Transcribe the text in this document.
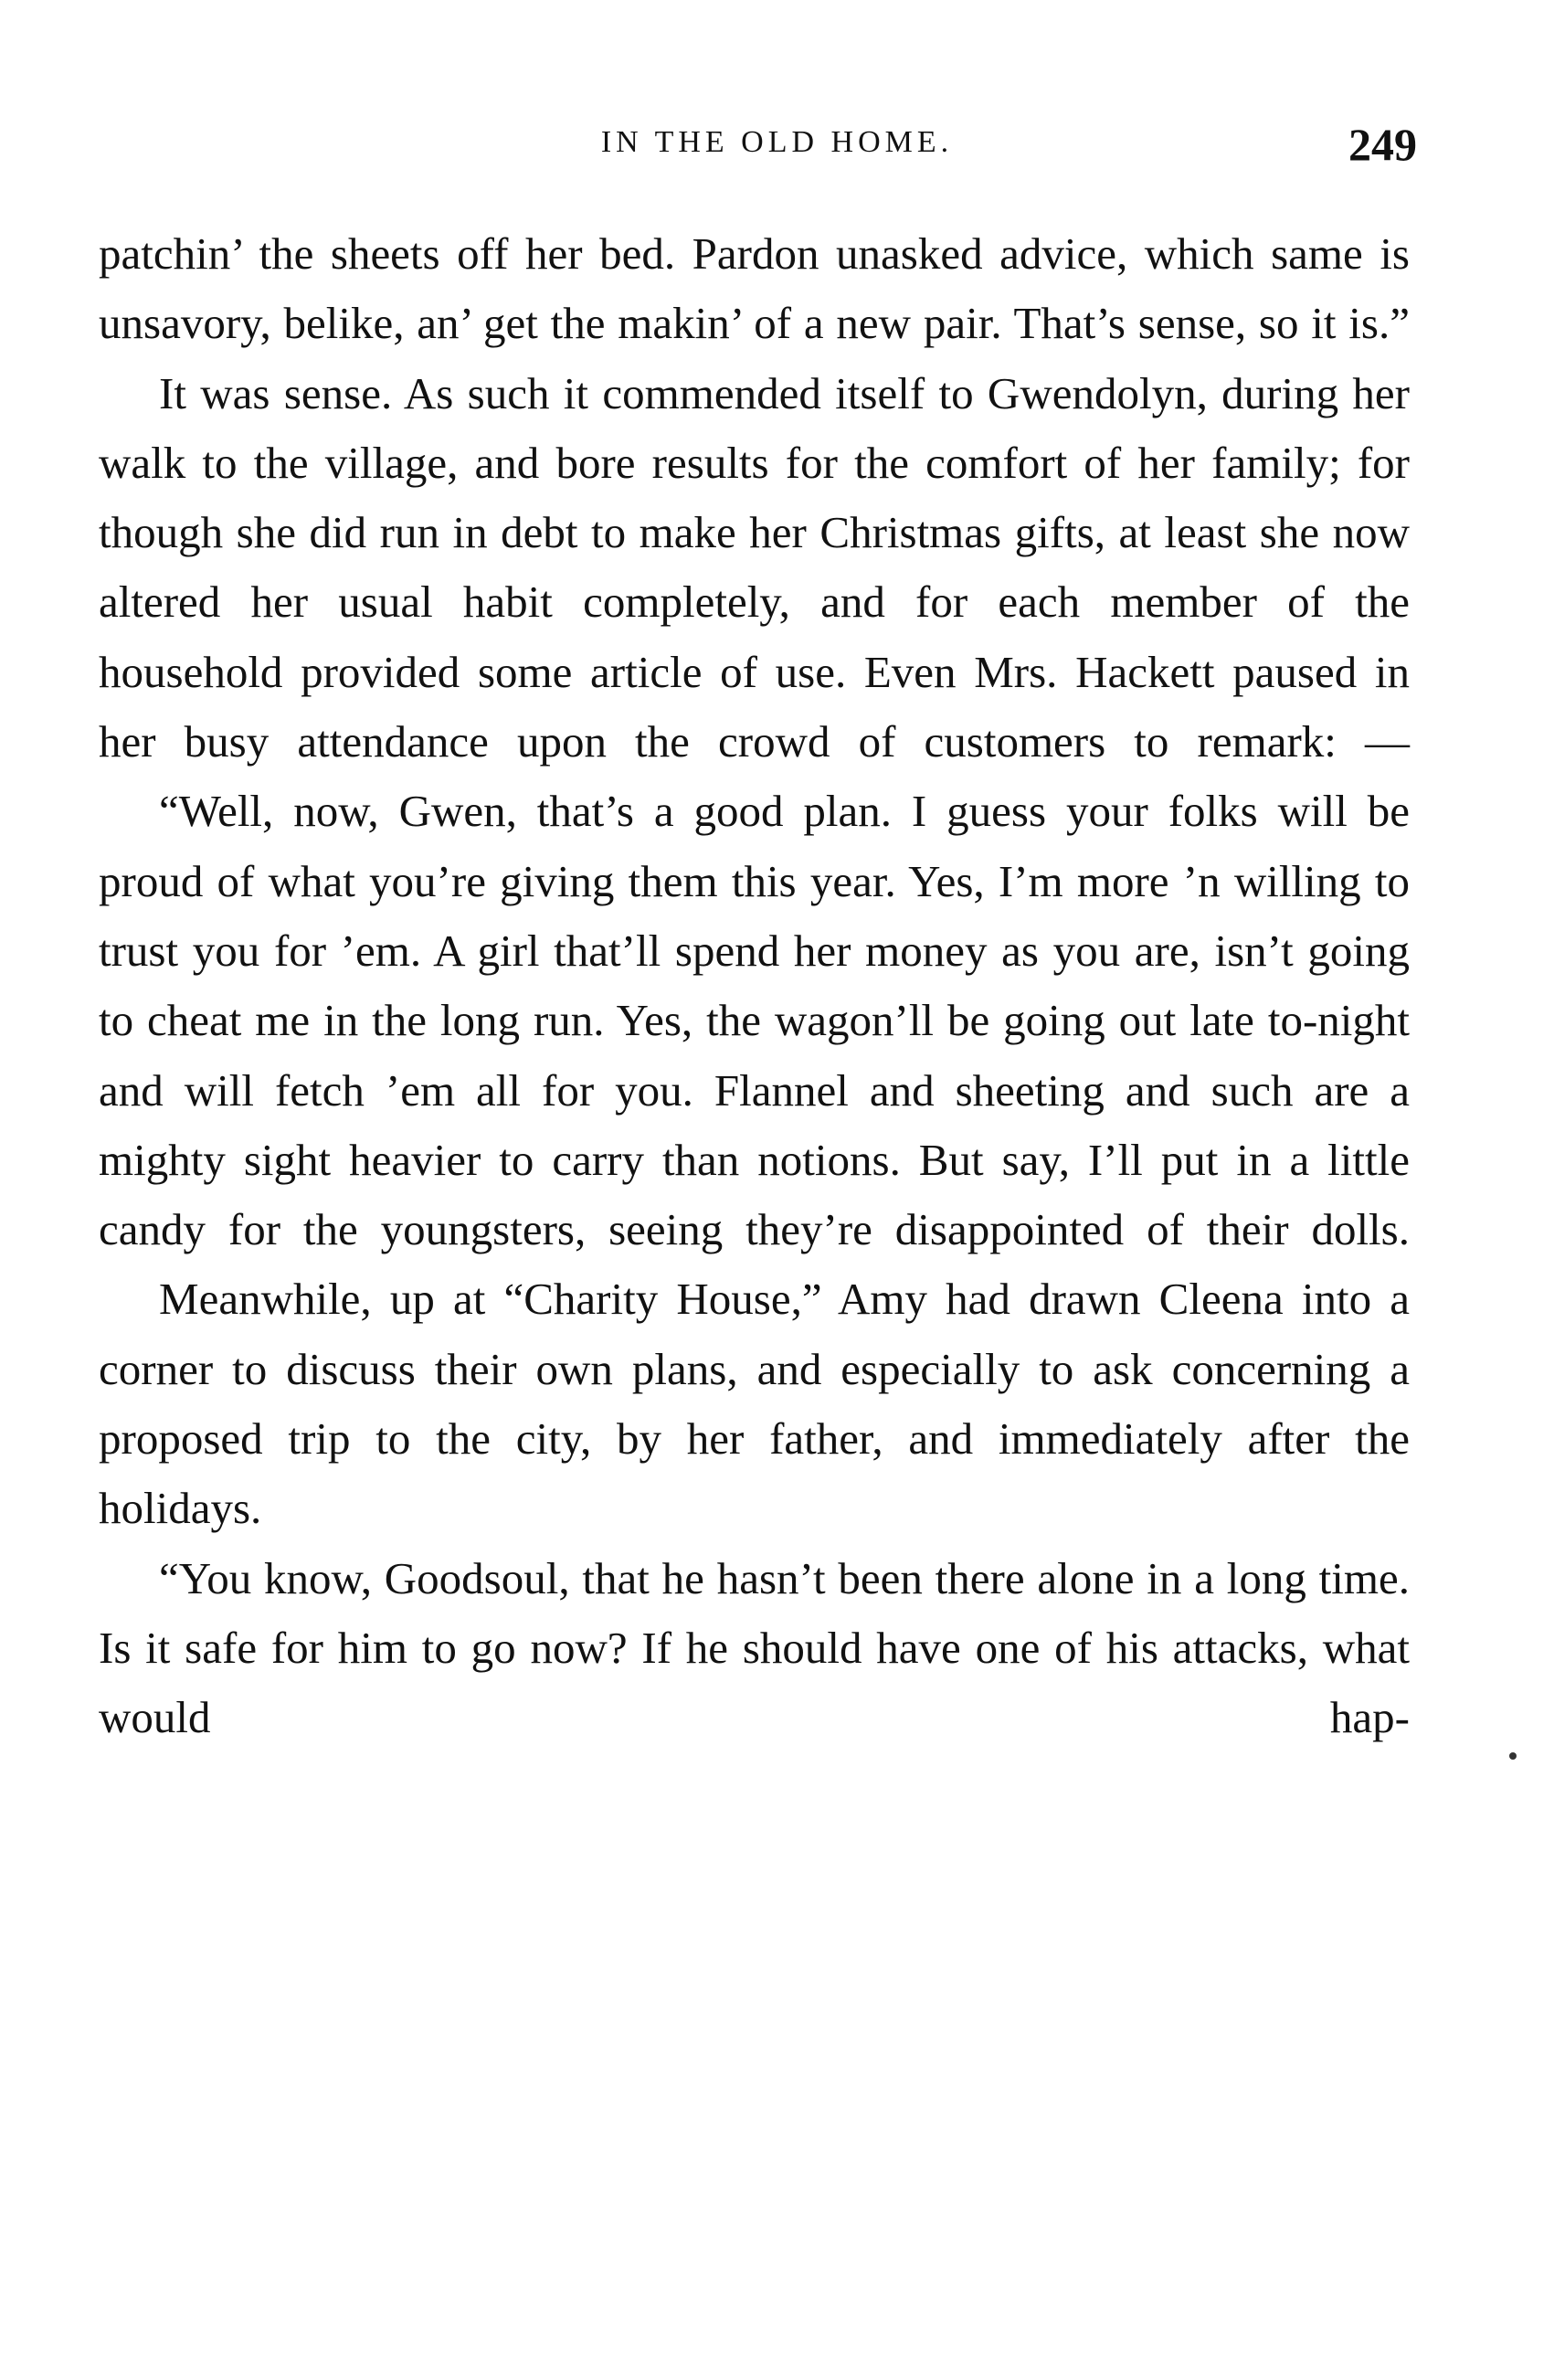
IN THE OLD HOME.	249

patchin’ the sheets off her bed. Pardon unasked advice, which same is unsavory, belike, an’ get the makin’ of a new pair. That’s sense, so it is.”

It was sense. As such it commended itself to Gwendolyn, during her walk to the village, and bore results for the comfort of her family; for though she did run in debt to make her Christmas gifts, at least she now altered her usual habit completely, and for each member of the household provided some article of use. Even Mrs. Hackett paused in her busy attendance upon the crowd of customers to remark: —

“Well, now, Gwen, that’s a good plan. I guess your folks will be proud of what you’re giving them this year. Yes, I’m more ’n willing to trust you for ’em. A girl that’ll spend her money as you are, isn’t going to cheat me in the long run. Yes, the wagon’ll be going out late to-night and will fetch ’em all for you. Flannel and sheeting and such are a mighty sight heavier to carry than notions. But say, I’ll put in a little candy for the youngsters, seeing they’re disappointed of their dolls.

Meanwhile, up at “Charity House,” Amy had drawn Cleena into a corner to discuss their own plans, and especially to ask concerning a proposed trip to the city, by her father, and immediately after the holidays.

“You know, Goodsoul, that he hasn’t been there alone in a long time. Is it safe for him to go now? If he should have one of his attacks, what would hap-
